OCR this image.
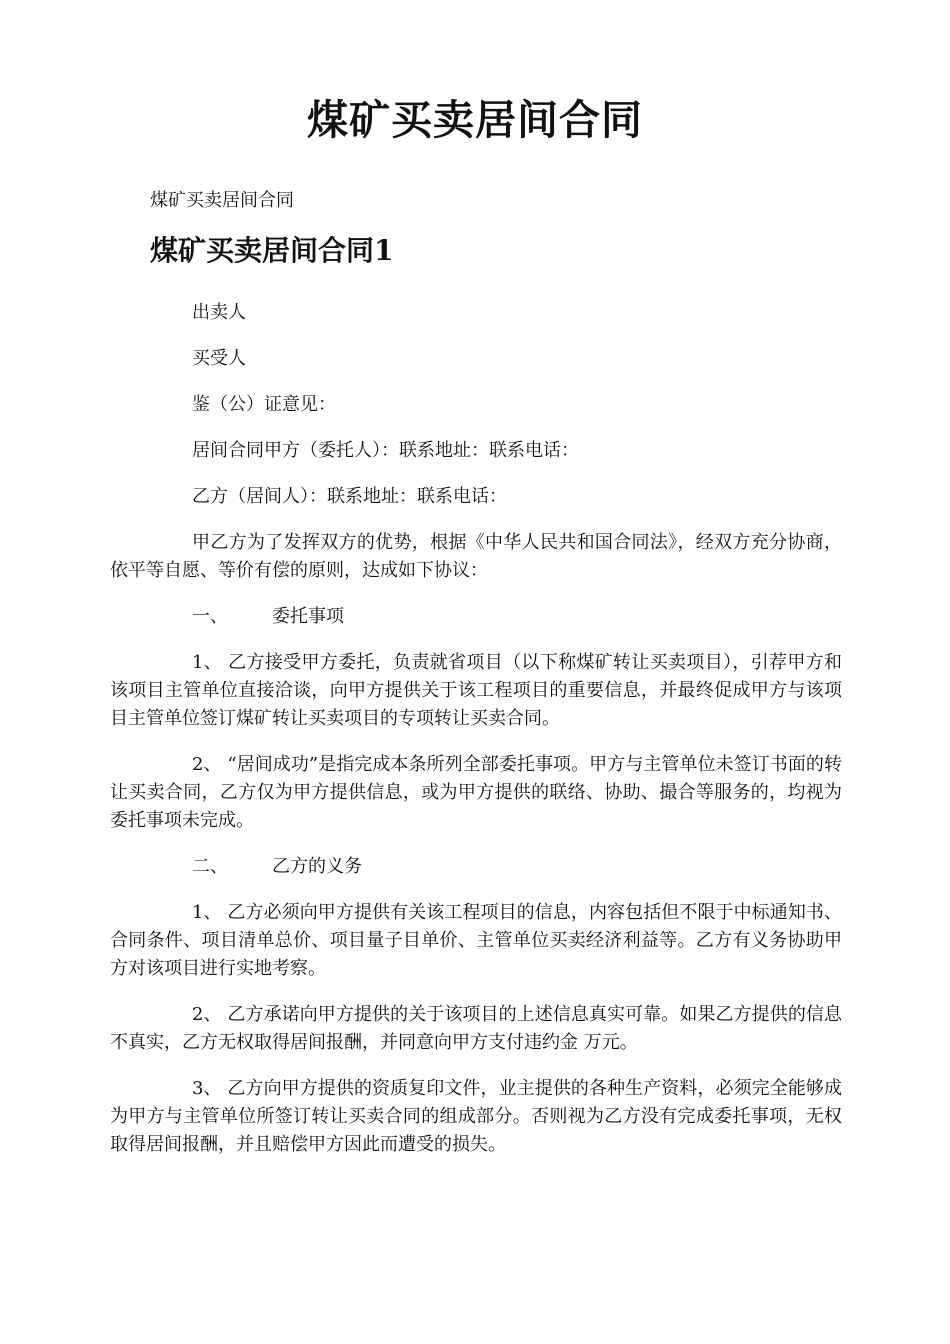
煤矿买卖居间合同
煤矿买卖居间合同
煤矿买卖居间合同1

出卖人

买受人

鉴（公）证意见：

居间合同甲方（委托人）：联系地址：联系电话：

乙方（居间人）：联系地址：联系电话：

甲乙方为了发挥双方的优势，根据《中华人民共和国合同法》，经双方充分协商，依平等自愿、等价有偿的原则，达成如下协议：

一、	委托事项

1、 乙方接受甲方委托，负责就省项目（以下称煤矿转让买卖项目），引荐甲方和该项目主管单位直接洽谈，向甲方提供关于该工程项目的重要信息，并最终促成甲方与该项目主管单位签订煤矿转让买卖项目的专项转让买卖合同。

2、 “居间成功”是指完成本条所列全部委托事项。甲方与主管单位未签订书面的转让买卖合同，乙方仅为甲方提供信息，或为甲方提供的联络、协助、撮合等服务的，均视为委托事项未完成。

二、	乙方的义务

1、 乙方必须向甲方提供有关该工程项目的信息，内容包括但不限于中标通知书、合同条件、项目清单总价、项目量子目单价、主管单位买卖经济利益等。乙方有义务协助甲方对该项目进行实地考察。

2、 乙方承诺向甲方提供的关于该项目的上述信息真实可靠。如果乙方提供的信息不真实，乙方无权取得居间报酬，并同意向甲方支付违约金 万元。

3、 乙方向甲方提供的资质复印文件，业主提供的各种生产资料，必须完全能够成为甲方与主管单位所签订转让买卖合同的组成部分。否则视为乙方没有完成委托事项，无权取得居间报酬，并且赔偿甲方因此而遭受的损失。
